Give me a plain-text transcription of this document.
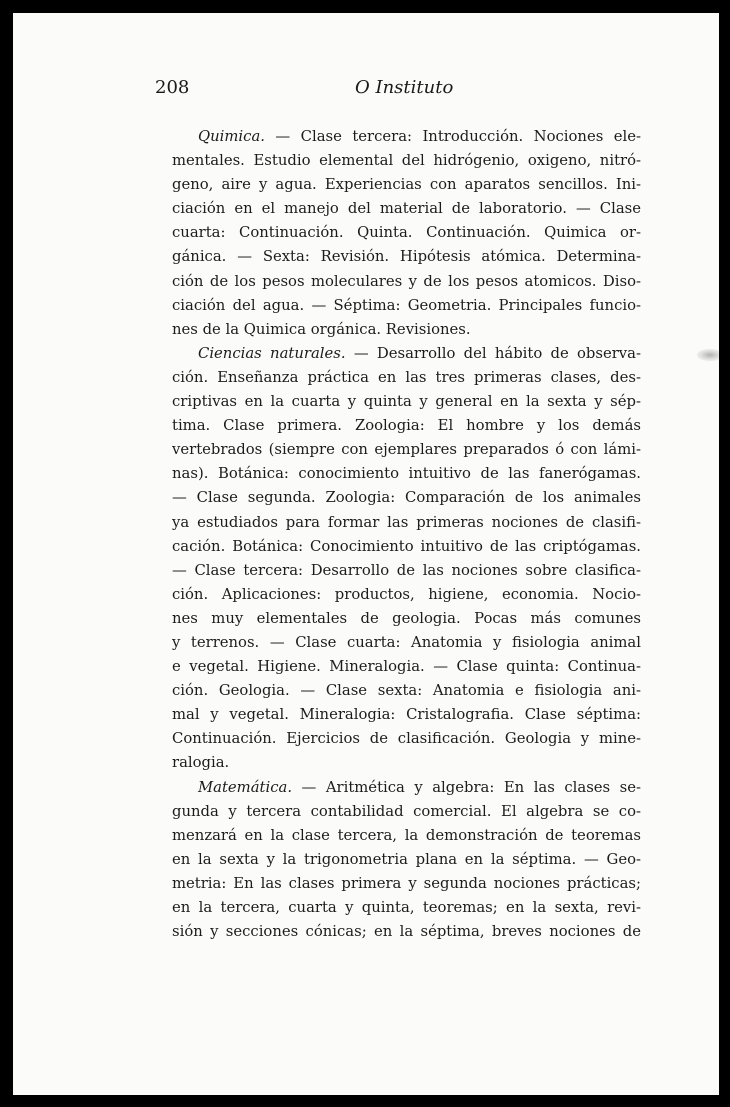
208	O Instituto
Quimica. — Clase tercera: Introducción. Nociones ele-
mentales. Estudio elemental del hidrógenio, oxigeno, nitró-
geno, aire y agua. Experiencias con aparatos sencillos. Ini-
ciación en el manejo del material de laboratorio. — Clase
cuarta: Continuación. Quinta. Continuación. Quimica or-
gánica. — Sexta: Revisión. Hipótesis atómica. Determina-
ción de los pesos moleculares y de los pesos atomicos. Diso-
ciación del agua. — Séptima: Geometria. Principales funcio-
nes de la Quimica orgánica. Revisiones.
Ciencias naturales. — Desarrollo del hábito de observa-
ción. Enseñanza práctica en las tres primeras clases, des-
criptivas en la cuarta y quinta y general en la sexta y sép-
tima. Clase primera. Zoologia: El hombre y los demás
vertebrados (siempre con ejemplares preparados ó con lámi-
nas). Botánica: conocimiento intuitivo de las fanerógamas.
— Clase segunda. Zoologia: Comparación de los animales
ya estudiados para formar las primeras nociones de clasifi-
cación. Botánica: Conocimiento intuitivo de las criptógamas.
— Clase tercera: Desarrollo de las nociones sobre clasifica-
ción. Aplicaciones: productos, higiene, economia. Nocio-
nes muy elementales de geologia. Pocas más comunes
y terrenos. — Clase cuarta: Anatomia y fisiologia animal
e vegetal. Higiene. Mineralogia. — Clase quinta: Continua-
ción. Geologia. — Clase sexta: Anatomia e fisiologia ani-
mal y vegetal. Mineralogia: Cristalografia. Clase séptima:
Continuación. Ejercicios de clasificación. Geologia y mine-
ralogia.
Matemática. — Aritmética y algebra: En las clases se-
gunda y tercera contabilidad comercial. El algebra se co-
menzará en la clase tercera, la demonstración de teoremas
en la sexta y la trigonometria plana en la séptima. — Geo-
metria: En las clases primera y segunda nociones prácticas;
en la tercera, cuarta y quinta, teoremas; en la sexta, revi-
sión y secciones cónicas; en la séptima, breves nociones de
